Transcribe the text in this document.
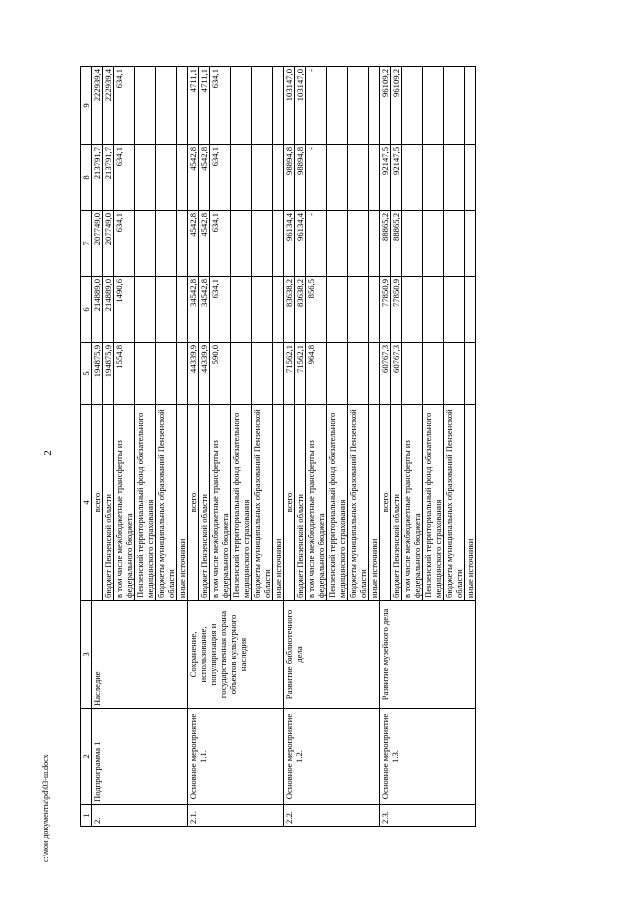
2
1	2	3	4	5	6	7	8	9
2.	Подпрограмма 1	Наследие	всего	194875,9	214889,0	207749,0	213791,7	222939,4
			бюджет Пензенской области	194875,9	214889,0	207749,0	213791,7	222939,4
			в том числе межбюджетные трансферты из федерального бюджета	1554,8	1490,6	634,1	634,1	634,1
			Пензенский территориальный фонд обязательного медицинского страхования					
			бюджеты муниципальных образований Пензенской области					
			иные источники					
2.1.	Основное мероприятие 1.1.	Сохранение, использование, популяризация и государственная охрана объектов культурного наследия	всего	44339,9	34542,8	4542,8	4542,8	4711,1
			бюджет Пензенской области	44339,9	34542,8	4542,8	4542,8	4711,1
			в том числе межбюджетные трансферты из федерального бюджета	590,0	634,1	634,1	634,1	634,1
			Пензенский территориальный фонд обязательного медицинского страхования					
			бюджеты муниципальных образований Пензенской области					
			иные источники					
2.2.	Основное мероприятие 1.2.	Развитие библиотечного дела	всего	71562,1	83638,2	96134,4	98894,8	103147,0
			бюджет Пензенской области	71562,1	83638,2	96134,4	98894,8	103147,0
			в том числе межбюджетные трансферты из федерального бюджета	964,8	856,5	-	-	-
			Пензенский территориальный фонд обязательного медицинского страхования					
			бюджеты муниципальных образований Пензенской области					
			иные источники					
2.3.	Основное мероприятие 1.3.	Развитие музейного дела	всего	60767,3	77850,9	88865,2	92147,5	96109,2
			бюджет Пензенской области	60767,3	77850,9	88865,2	92147,5	96109,2
			в том числе межбюджетные трансферты из федерального бюджета					
			Пензенский территориальный фонд обязательного медицинского страхования					
			бюджеты муниципальных образований Пензенской области					
			иные источники					
c:\мои документы\pd\03-ш.docx
